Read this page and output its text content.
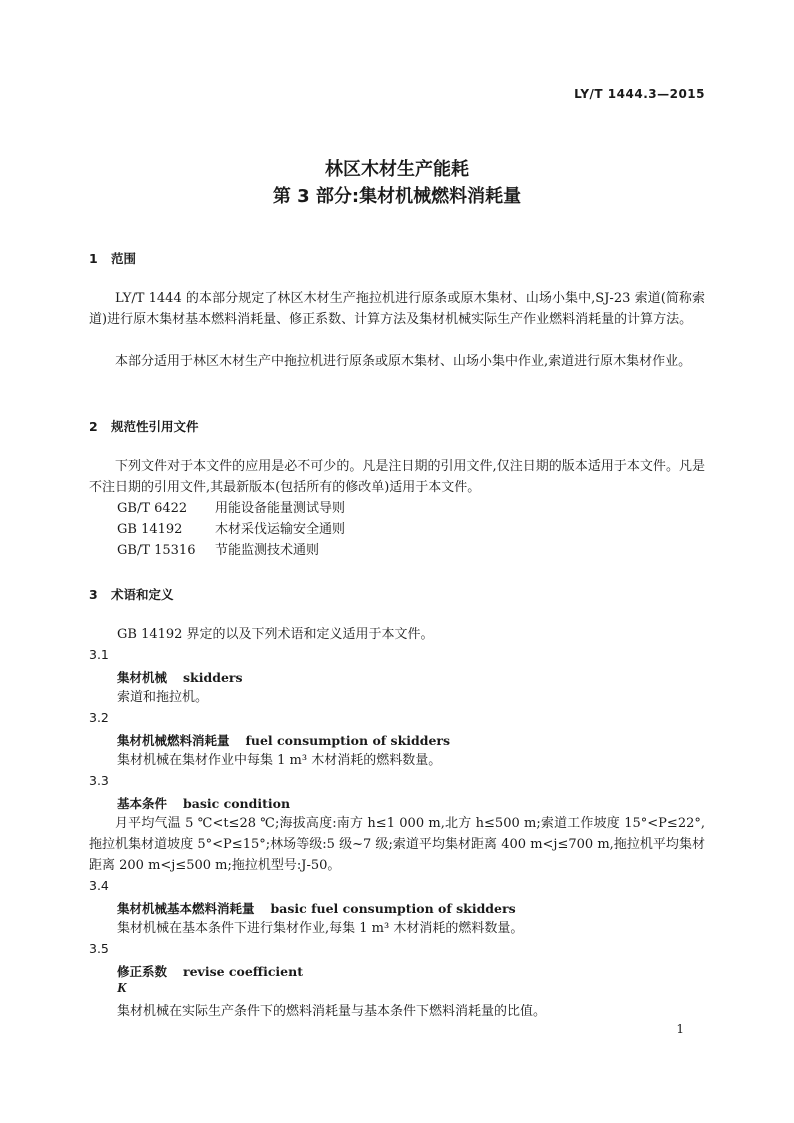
LY/T 1444.3—2015
林区木材生产能耗
第 3 部分:集材机械燃料消耗量
1 范围

LY/T 1444 的本部分规定了林区木材生产拖拉机进行原条或原木集材、山场小集中,SJ-23 索道(简称索道)进行原木集材基本燃料消耗量、修正系数、计算方法及集材机械实际生产作业燃料消耗量的计算方法。

本部分适用于林区木材生产中拖拉机进行原条或原木集材、山场小集中作业,索道进行原木集材作业。

2 规范性引用文件

下列文件对于本文件的应用是必不可少的。凡是注日期的引用文件,仅注日期的版本适用于本文件。凡是不注日期的引用文件,其最新版本(包括所有的修改单)适用于本文件。

GB/T 6422 用能设备能量测试导则

GB 14192	木材采伐运输安全通则

GB/T 15316 节能监测技术通则

3 术语和定义

GB 14192 界定的以及下列术语和定义适用于本文件。

3.1
集材机械 skidders

索道和拖拉机。

3.2
集材机械燃料消耗量 fuel consumption of skidders

集材机械在集材作业中每集 1 m³ 木材消耗的燃料数量。

3.3
基本条件 basic condition

月平均气温 5 ℃<t≤28 ℃;海拔高度:南方 h≤1 000 m,北方 h≤500 m;索道工作坡度 15°<P≤22°,拖拉机集材道坡度 5°<P≤15°;林场等级:5 级~7 级;索道平均集材距离 400 m<j≤700 m,拖拉机平均集材距离 200 m<j≤500 m;拖拉机型号:J-50。

3.4
集材机械基本燃料消耗量 basic fuel consumption of skidders

集材机械在基本条件下进行集材作业,每集 1 m³ 木材消耗的燃料数量。

3.5
修正系数 revise coefficient
K

集材机械在实际生产条件下的燃料消耗量与基本条件下燃料消耗量的比值。

1
